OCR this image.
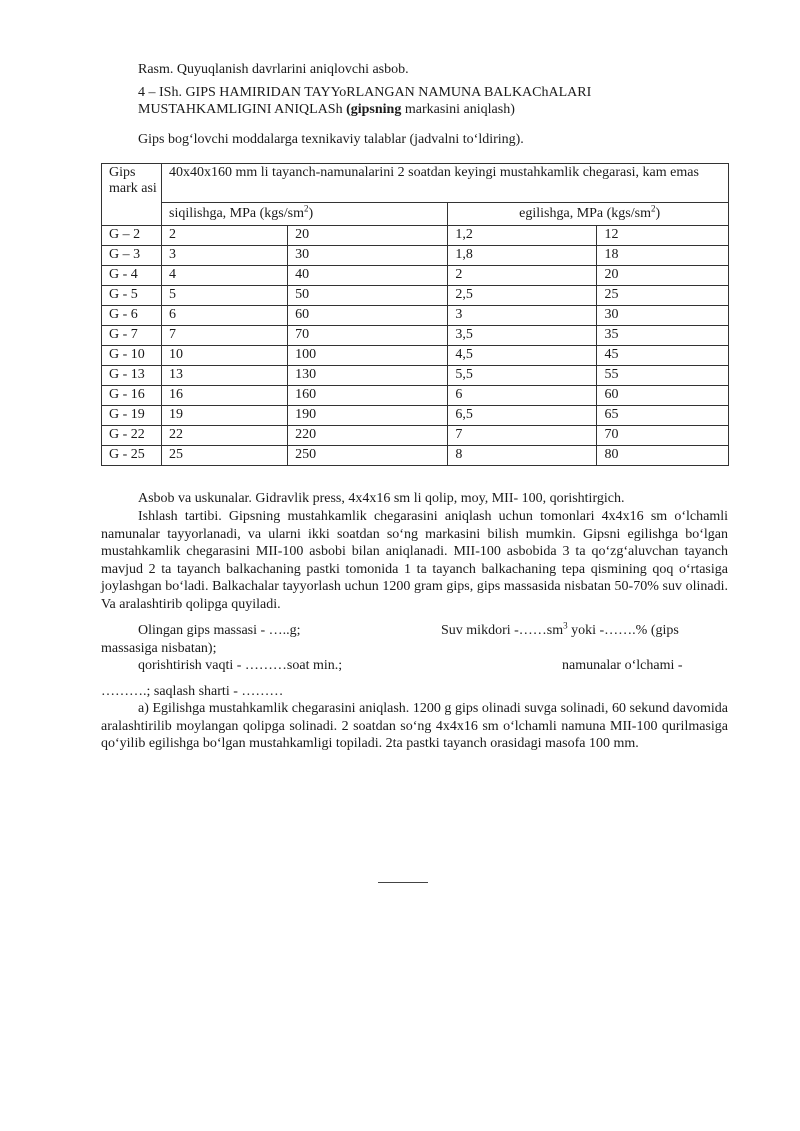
Rasm. Quyuqlanish davrlarini aniqlovchi asbob.
4 – ISh. GIPS HAMIRIDAN TAYYoRLANGAN NAMUNA BALKAChALARI
MUSTAHKAMLIGINI ANIQLASh (gipsning markasini aniqlash)
Gips bog‘lovchi moddalarga texnikaviy talablar (jadvalni to‘ldiring).
Gips mark asi	40x40x160 mm li tayanch-namunalarini 2 soatdan keyingi mustahkamlik chegarasi, kam emas			
	siqilishga, MPa $(kgs/sm^2)$		egilishga, MPa $(kgs/sm^2)$	
G – 2	2	20	1,2	12
G – 3	3	30	1,8	18
G - 4	4	40	2	20
G - 5	5	50	2,5	25
G - 6	6	60	3	30
G - 7	7	70	3,5	35
G - 10	10	100	4,5	45
G - 13	13	130	5,5	55
G - 16	16	160	6	60
G - 19	19	190	6,5	65
G - 22	22	220	7	70
G - 25	25	250	8	80
Asbob va uskunalar. Gidravlik press, 4x4x16 sm li qolip, moy, MII- 100, qorishtirgich.
Ishlash tartibi. Gipsning mustahkamlik chegarasini aniqlash uchun tomonlari 4x4x16 sm o‘lchamli namunalar tayyorlanadi, va ularni ikki soatdan so‘ng markasini bilish mumkin. Gipsni egilishga bo‘lgan mustahkamlik chegarasini MII-100 asbobi bilan aniqlanadi. MII-100 asbobida 3 ta qo‘zg‘aluvchan tayanch mavjud 2 ta tayanch balkachaning pastki tomonida 1 ta tayanch balkachaning tepa qismining qoq o‘rtasiga joylashgan bo‘ladi. Balkachalar tayyorlash uchun 1200 gram gips, gips massasida nisbatan 50-70% suv olinadi. Va aralashtirib qolipga quyiladi.
Olingan gips massasi - …..g;	Suv mikdori $-\dots\dots sm^3$ yoki -…….% (gips
massasiga nisbatan);
qorishtirish vaqti - ………soat min.;	namunalar o‘lchami -
……….; saqlash sharti - ………
a) Egilishga mustahkamlik chegarasini aniqlash. 1200 g gips olinadi suvga solinadi, 60 sekund davomida aralashtirilib moylangan qolipga solinadi. 2 soatdan so‘ng 4x4x16 sm o‘lchamli namuna MII-100 qurilmasiga qo‘yilib egilishga bo‘lgan mustahkamligi topiladi. 2ta pastki tayanch orasidagi masofa 100 mm.
